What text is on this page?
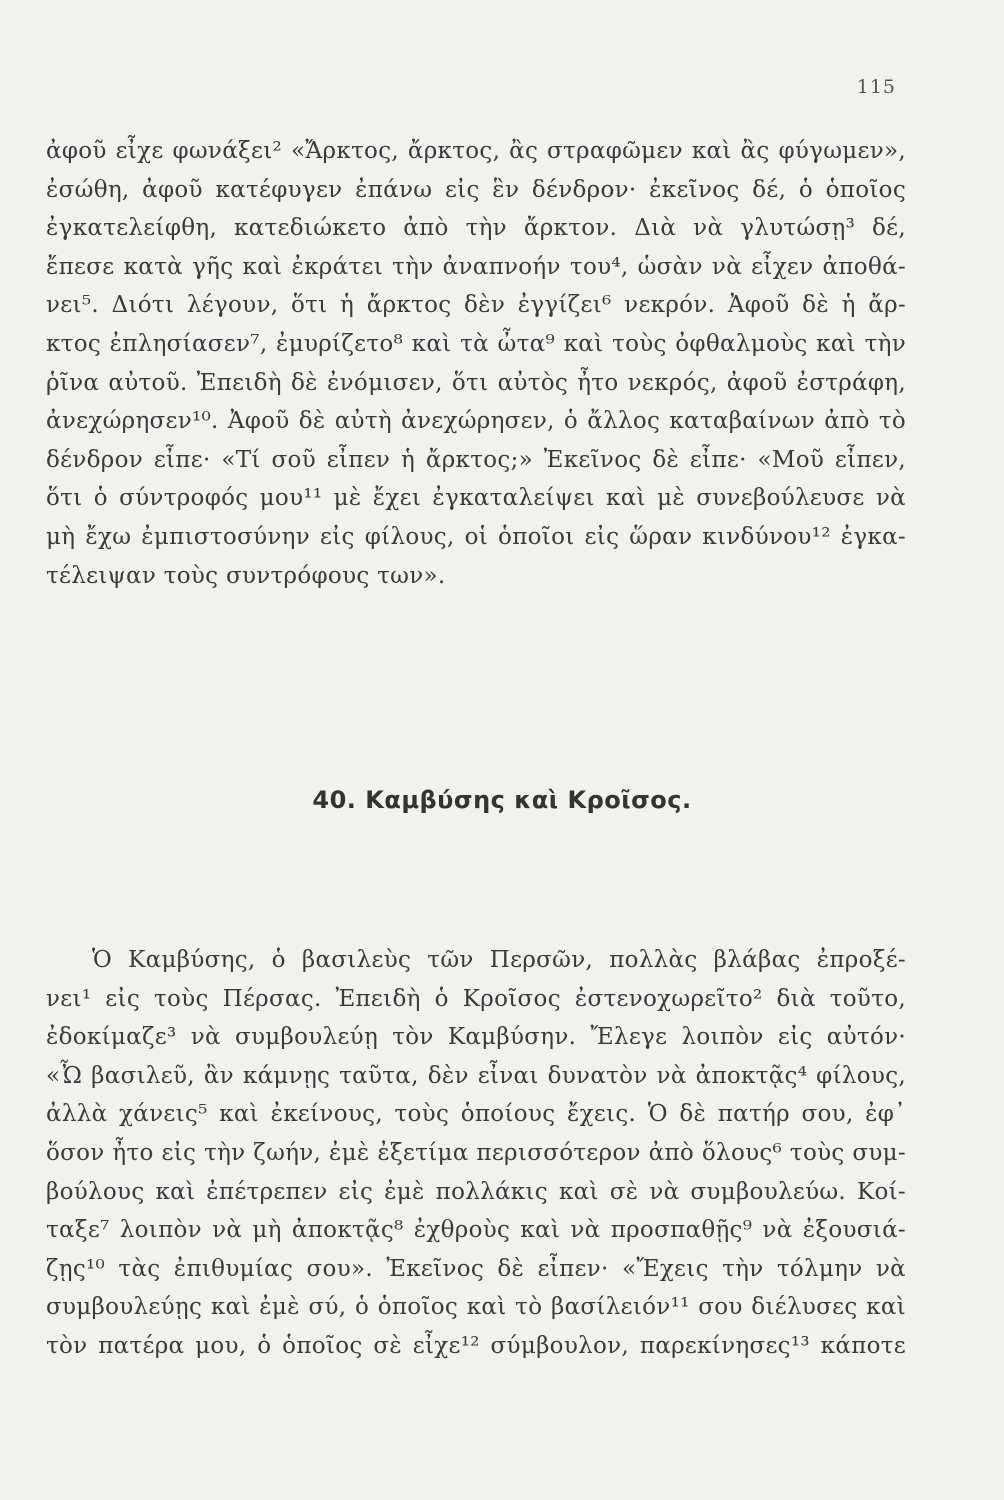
115
ἀφοῦ εἶχε φωνάξει² «Ἄρκτος, ἄρκτος, ἂς στραφῶμεν καὶ ἂς φύγωμεν»,
ἐσώθη, ἀφοῦ κατέφυγεν ἐπάνω εἰς ἓν δένδρον· ἐκεῖνος δέ, ὁ ὁποῖος
ἐγκατελείφθη, κατεδιώκετο ἀπὸ τὴν ἄρκτον. Διὰ νὰ γλυτώσῃ³ δέ,
ἔπεσε κατὰ γῆς καὶ ἐκράτει τὴν ἀναπνοήν του⁴, ὡσὰν νὰ εἶχεν ἀποθά-
νει⁵. Διότι λέγουν, ὅτι ἡ ἄρκτος δὲν ἐγγίζει⁶ νεκρόν. Ἀφοῦ δὲ ἡ ἄρ-
κτος ἐπλησίασεν⁷, ἐμυρίζετο⁸ καὶ τὰ ὦτα⁹ καὶ τοὺς ὀφθαλμοὺς καὶ τὴν
ῥῖνα αὐτοῦ. Ἐπειδὴ δὲ ἐνόμισεν, ὅτι αὐτὸς ἦτο νεκρός, ἀφοῦ ἐστράφη,
ἀνεχώρησεν¹⁰. Ἀφοῦ δὲ αὐτὴ ἀνεχώρησεν, ὁ ἄλλος καταβαίνων ἀπὸ τὸ
δένδρον εἶπε· «Τί σοῦ εἶπεν ἡ ἄρκτος;» Ἐκεῖνος δὲ εἶπε· «Μοῦ εἶπεν,
ὅτι ὁ σύντροφός μου¹¹ μὲ ἔχει ἐγκαταλείψει καὶ μὲ συνεβούλευσε νὰ
μὴ ἔχω ἐμπιστοσύνην εἰς φίλους, οἱ ὁποῖοι εἰς ὥραν κινδύνου¹² ἐγκα-
τέλειψαν τοὺς συντρόφους των».
40. Καμβύσης καὶ Κροῖσος.
Ὁ Καμβύσης, ὁ βασιλεὺς τῶν Περσῶν, πολλὰς βλάβας ἐπροξέ-
νει¹ εἰς τοὺς Πέρσας. Ἐπειδὴ ὁ Κροῖσος ἐστενοχωρεῖτο² διὰ τοῦτο,
ἐδοκίμαζε³ νὰ συμβουλεύῃ τὸν Καμβύσην. Ἔλεγε λοιπὸν εἰς αὐτόν·
«Ὦ βασιλεῦ, ἂν κάμνῃς ταῦτα, δὲν εἶναι δυνατὸν νὰ ἀποκτᾷς⁴ φίλους,
ἀλλὰ χάνεις⁵ καὶ ἐκείνους, τοὺς ὁποίους ἔχεις. Ὁ δὲ πατήρ σου, ἐφ᾿
ὅσον ἦτο εἰς τὴν ζωήν, ἐμὲ ἐξετίμα περισσότερον ἀπὸ ὅλους⁶ τοὺς συμ-
βούλους καὶ ἐπέτρεπεν εἰς ἐμὲ πολλάκις καὶ σὲ νὰ συμβουλεύω. Κοί-
ταξε⁷ λοιπὸν νὰ μὴ ἀποκτᾷς⁸ ἐχθροὺς καὶ νὰ προσπαθῇς⁹ νὰ ἐξουσιά-
ζῃς¹⁰ τὰς ἐπιθυμίας σου». Ἐκεῖνος δὲ εἶπεν· «Ἔχεις τὴν τόλμην νὰ
συμβουλεύῃς καὶ ἐμὲ σύ, ὁ ὁποῖος καὶ τὸ βασίλειόν¹¹ σου διέλυσες καὶ
τὸν πατέρα μου, ὁ ὁποῖος σὲ εἶχε¹² σύμβουλον, παρεκίνησες¹³ κάποτε
